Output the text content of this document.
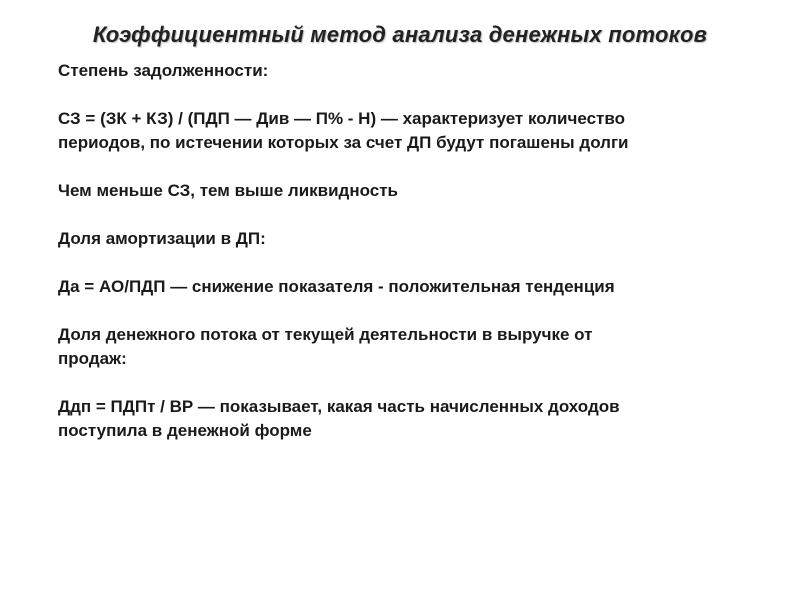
Коэффициентный метод анализа денежных потоков
Степень задолженности:
СЗ = (ЗК + КЗ) / (ПДП — Див — П% - Н) — характеризует количество
периодов, по истечении которых за счет ДП будут погашены долги
Чем меньше СЗ, тем выше ликвидность
Доля амортизации в ДП:
Да = АО/ПДП — снижение показателя - положительная тенденция
Доля денежного потока от текущей деятельности в выручке от
продаж:
Ддп = ПДПт / ВР — показывает, какая часть начисленных доходов
поступила в денежной форме
